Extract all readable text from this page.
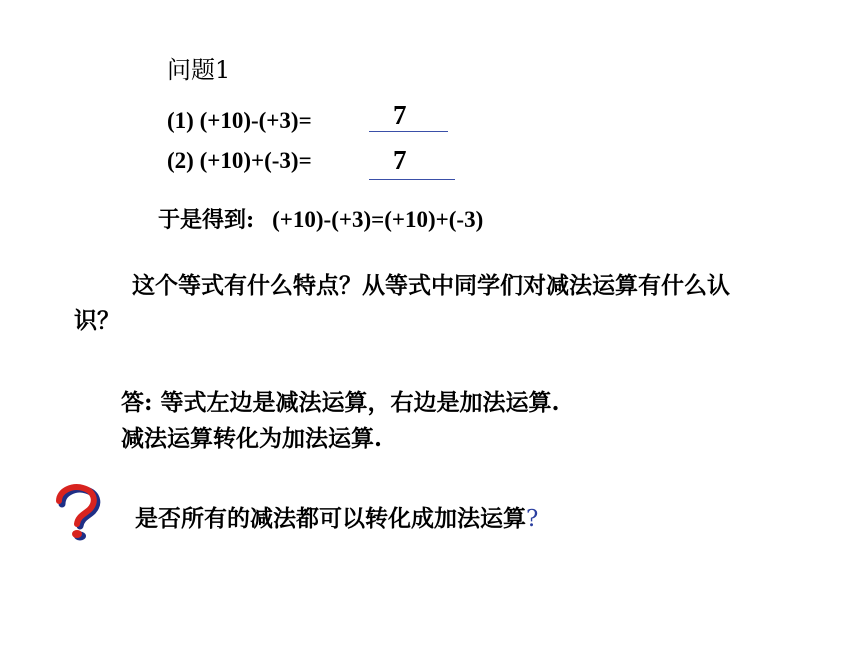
问题1
(1) (+10)-(+3)=	7
(2) (+10)+(-3)=	7
于是得到: (+10)-(+3)=(+10)+(-3)
这个等式有什么特点？从等式中同学们对减法运算有什么认识？
答: 等式左边是减法运算，右边是加法运算.
减法运算转化为加法运算.
是否所有的减法都可以转化成加法运算?
